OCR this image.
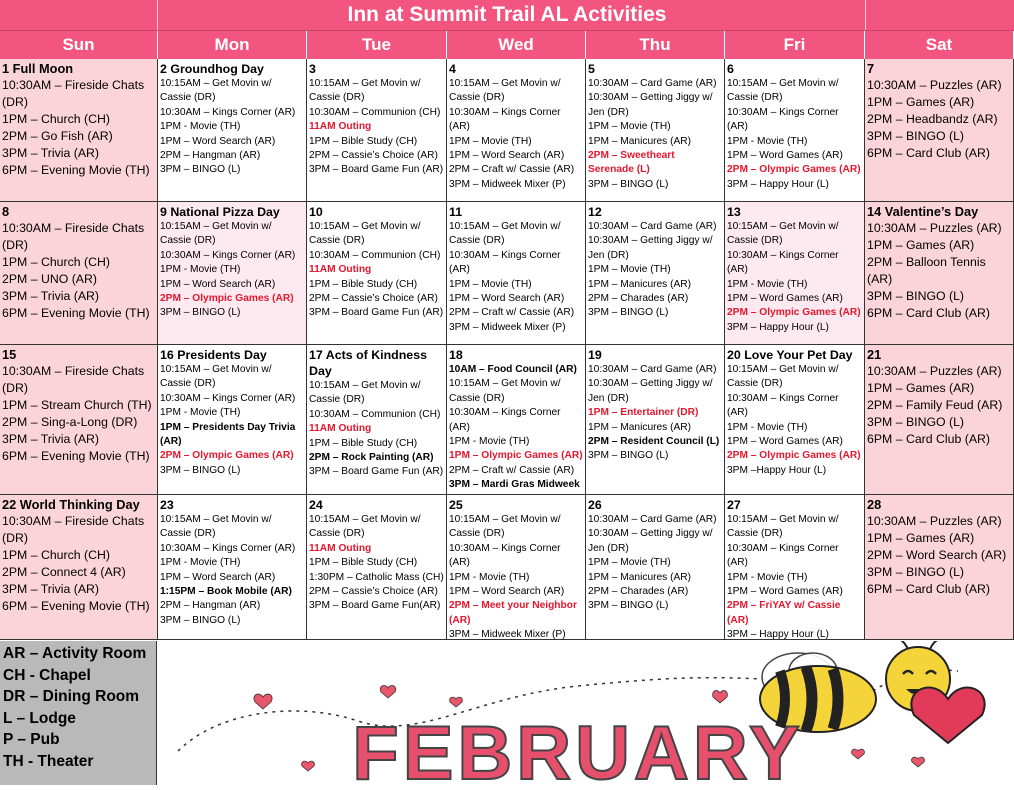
Inn at Summit Trail AL Activities
Sun	Mon	Tue	Wed	Thu	Fri	Sat
1 Full Moon
10:30AM – Fireside Chats (DR)
1PM – Church (CH)
2PM – Go Fish (AR)
3PM – Trivia (AR)
6PM – Evening Movie (TH)
2 Groundhog Day
10:15AM – Get Movin w/ Cassie (DR)
10:30AM – Kings Corner (AR)
1PM - Movie (TH)
1PM – Word Search (AR)
2PM – Hangman (AR)
3PM – BINGO (L)
3
10:15AM – Get Movin w/ Cassie (DR)
10:30AM – Communion (CH)
11AM Outing
1PM – Bible Study (CH)
2PM – Cassie’s Choice (AR)
3PM – Board Game Fun (AR)
4
10:15AM – Get Movin w/ Cassie (DR)
10:30AM – Kings Corner (AR)
1PM – Movie (TH)
1PM – Word Search (AR)
2PM – Craft w/ Cassie (AR)
3PM – Midweek Mixer (P)
5
10:30AM – Card Game (AR)
10:30AM – Getting Jiggy w/ Jen (DR)
1PM – Movie (TH)
1PM – Manicures (AR)
2PM – Sweetheart Serenade (L)
3PM – BINGO (L)
6
10:15AM – Get Movin w/ Cassie (DR)
10:30AM – Kings Corner (AR)
1PM - Movie (TH)
1PM – Word Games (AR)
2PM – Olympic Games (AR)
3PM – Happy Hour (L)
7
10:30AM – Puzzles (AR)
1PM – Games (AR)
2PM – Headbandz (AR)
3PM – BINGO (L)
6PM – Card Club (AR)
8
10:30AM – Fireside Chats (DR)
1PM – Church (CH)
2PM – UNO (AR)
3PM – Trivia (AR)
6PM – Evening Movie (TH)
9 National Pizza Day
10:15AM – Get Movin w/ Cassie (DR)
10:30AM – Kings Corner (AR)
1PM - Movie (TH)
1PM – Word Search (AR)
2PM – Olympic Games (AR)
3PM – BINGO (L)
10
10:15AM – Get Movin w/ Cassie (DR)
10:30AM – Communion (CH)
11AM Outing
1PM – Bible Study (CH)
2PM – Cassie’s Choice (AR)
3PM – Board Game Fun (AR)
11
10:15AM – Get Movin w/ Cassie (DR)
10:30AM – Kings Corner (AR)
1PM – Movie (TH)
1PM – Word Search (AR)
2PM – Craft w/ Cassie (AR)
3PM – Midweek Mixer (P)
12
10:30AM – Card Game (AR)
10:30AM – Getting Jiggy w/ Jen (DR)
1PM – Movie (TH)
1PM – Manicures (AR)
2PM – Charades (AR)
3PM – BINGO (L)
13
10:15AM – Get Movin w/ Cassie (DR)
10:30AM – Kings Corner (AR)
1PM - Movie (TH)
1PM – Word Games (AR)
2PM – Olympic Games (AR)
3PM – Happy Hour (L)
14 Valentine’s Day
10:30AM – Puzzles (AR)
1PM – Games (AR)
2PM – Balloon Tennis (AR)
3PM – BINGO (L)
6PM – Card Club (AR)
15
10:30AM – Fireside Chats (DR)
1PM – Stream Church (TH)
2PM – Sing-a-Long (DR)
3PM – Trivia (AR)
6PM – Evening Movie (TH)
16 Presidents Day
10:15AM – Get Movin w/ Cassie (DR)
10:30AM – Kings Corner (AR)
1PM - Movie (TH)
1PM – Presidents Day Trivia (AR)
2PM – Olympic Games (AR)
3PM – BINGO (L)
17 Acts of Kindness Day
10:15AM – Get Movin w/ Cassie (DR)
10:30AM – Communion (CH)
11AM Outing
1PM – Bible Study (CH)
2PM – Rock Painting (AR)
3PM – Board Game Fun (AR)
18
10AM – Food Council (AR)
10:15AM – Get Movin w/ Cassie (DR)
10:30AM – Kings Corner (AR)
1PM - Movie (TH)
1PM – Olympic Games (AR)
2PM – Craft w/ Cassie (AR)
3PM – Mardi Gras Midweek
19
10:30AM – Card Game (AR)
10:30AM – Getting Jiggy w/ Jen (DR)
1PM – Entertainer (DR)
1PM – Manicures (AR)
2PM – Resident Council (L)
3PM – BINGO (L)
20 Love Your Pet Day
10:15AM – Get Movin w/ Cassie (DR)
10:30AM – Kings Corner (AR)
1PM - Movie (TH)
1PM – Word Games (AR)
2PM – Olympic Games (AR)
3PM –Happy Hour (L)
21
10:30AM – Puzzles (AR)
1PM – Games (AR)
2PM – Family Feud (AR)
3PM – BINGO (L)
6PM – Card Club (AR)
22 World Thinking Day
10:30AM – Fireside Chats (DR)
1PM – Church (CH)
2PM – Connect 4 (AR)
3PM – Trivia (AR)
6PM – Evening Movie (TH)
23
10:15AM – Get Movin w/ Cassie (DR)
10:30AM – Kings Corner (AR)
1PM - Movie (TH)
1PM – Word Search (AR)
1:15PM – Book Mobile (AR)
2PM – Hangman (AR)
3PM – BINGO (L)
24
10:15AM – Get Movin w/ Cassie (DR)
11AM Outing
1PM – Bible Study (CH)
1:30PM – Catholic Mass (CH)
2PM – Cassie’s Choice (AR)
3PM – Board Game Fun(AR)
25
10:15AM – Get Movin w/ Cassie (DR)
10:30AM – Kings Corner (AR)
1PM - Movie (TH)
1PM – Word Search (AR)
2PM – Meet your Neighbor (AR)
3PM – Midweek Mixer (P)
26
10:30AM – Card Game (AR)
10:30AM – Getting Jiggy w/ Jen (DR)
1PM – Movie (TH)
1PM – Manicures (AR)
2PM – Charades (AR)
3PM – BINGO (L)
27
10:15AM – Get Movin w/ Cassie (DR)
10:30AM – Kings Corner (AR)
1PM - Movie (TH)
1PM – Word Games (AR)
2PM – FriYAY w/ Cassie (AR)
3PM – Happy Hour (L)
28
10:30AM – Puzzles (AR)
1PM – Games (AR)
2PM – Word Search (AR)
3PM – BINGO (L)
6PM – Card Club (AR)
AR – Activity Room
CH - Chapel
DR – Dining Room
L – Lodge
P – Pub
TH - Theater	FEBRUARY
